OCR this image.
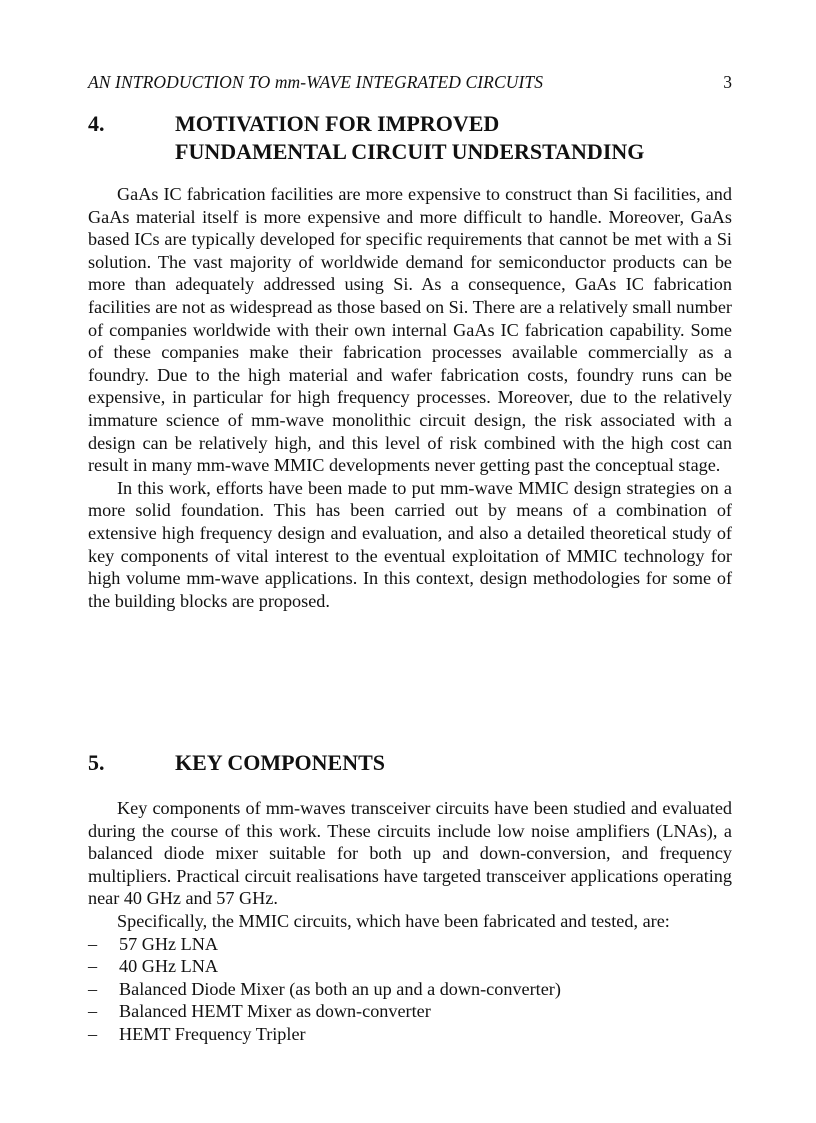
AN INTRODUCTION TO mm-WAVE INTEGRATED CIRCUITS	3
4.	MOTIVATION FOR IMPROVED
FUNDAMENTAL CIRCUIT UNDERSTANDING

GaAs IC fabrication facilities are more expensive to construct than Si facilities, and GaAs material itself is more expensive and more difficult to handle. Moreover, GaAs based ICs are typically developed for specific requirements that cannot be met with a Si solution. The vast majority of worldwide demand for semiconductor products can be more than adequately addressed using Si. As a consequence, GaAs IC fabrication facilities are not as widespread as those based on Si. There are a relatively small number of companies worldwide with their own internal GaAs IC fabrication capability. Some of these companies make their fabrication processes available commercially as a foundry. Due to the high material and wafer fabrication costs, foundry runs can be expensive, in particular for high frequency processes. Moreover, due to the relatively immature science of mm-wave monolithic circuit design, the risk associated with a design can be relatively high, and this level of risk combined with the high cost can result in many mm-wave MMIC developments never getting past the conceptual stage.

In this work, efforts have been made to put mm-wave MMIC design strategies on a more solid foundation. This has been carried out by means of a combination of extensive high frequency design and evaluation, and also a detailed theoretical study of key components of vital interest to the eventual exploitation of MMIC technology for high volume mm-wave applications. In this context, design methodologies for some of the building blocks are proposed.

5.	KEY COMPONENTS

Key components of mm-waves transceiver circuits have been studied and evaluated during the course of this work. These circuits include low noise amplifiers (LNAs), a balanced diode mixer suitable for both up and down-conversion, and frequency multipliers. Practical circuit realisations have targeted transceiver applications operating near 40 GHz and 57 GHz.

Specifically, the MMIC circuits, which have been fabricated and tested, are:

– 57 GHz LNA
– 40 GHz LNA
– Balanced Diode Mixer (as both an up and a down-converter)
– Balanced HEMT Mixer as down-converter
– HEMT Frequency Tripler
